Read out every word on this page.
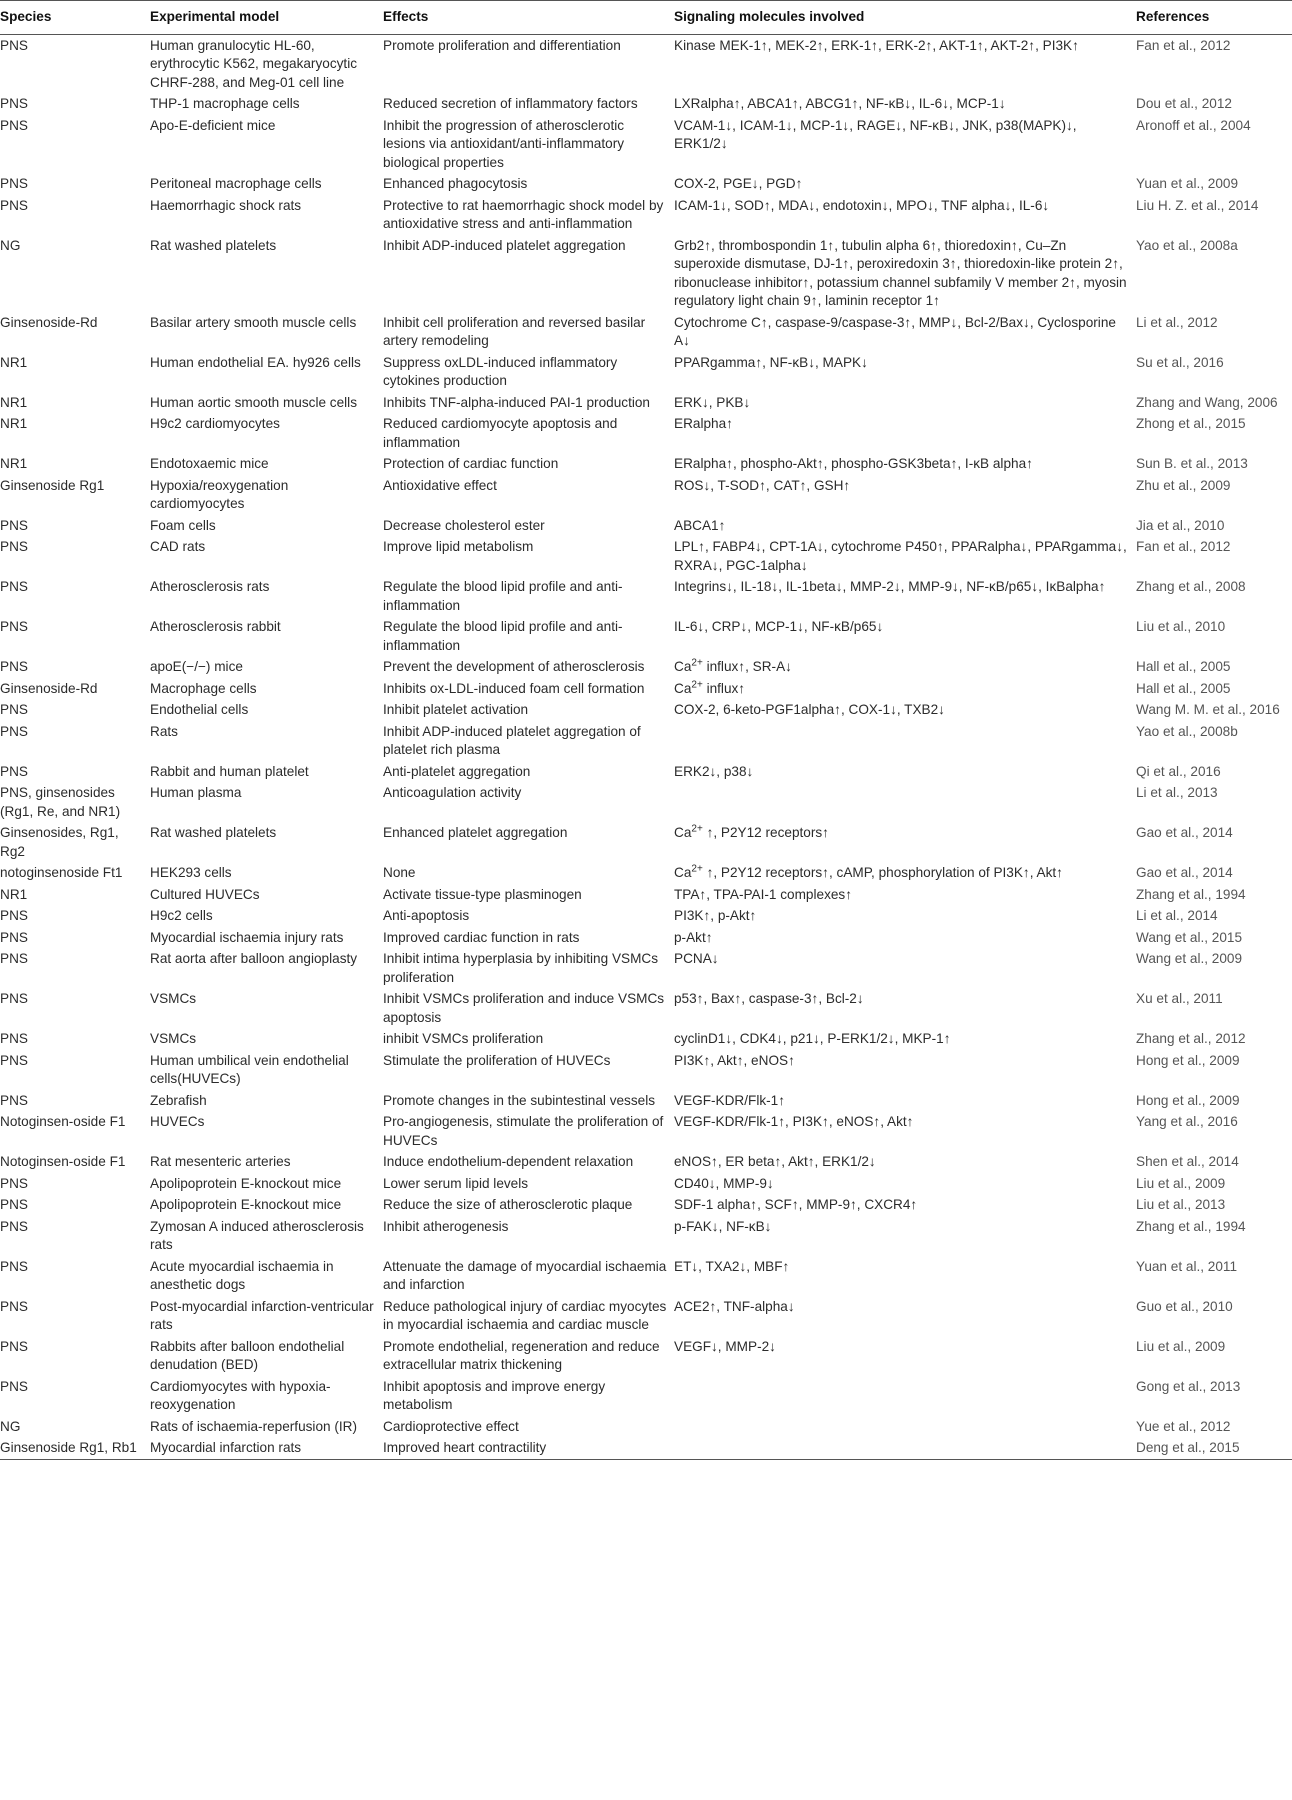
Species	Experimental model	Effects	Signaling molecules involved	References
PNS	Human granulocytic HL-60, erythrocytic K562, megakaryocytic CHRF-288, and Meg-01 cell line	Promote proliferation and differentiation	Kinase MEK-1↑, MEK-2↑, ERK-1↑, ERK-2↑, AKT-1↑, AKT-2↑, PI3K↑	Fan et al., 2012
PNS	THP-1 macrophage cells	Reduced secretion of inflammatory factors	LXRalpha↑, ABCA1↑, ABCG1↑, NF-κB↓, IL-6↓, MCP-1↓	Dou et al., 2012
PNS	Apo-E-deficient mice	Inhibit the progression of atherosclerotic lesions via antioxidant/anti-inflammatory biological properties	VCAM-1↓, ICAM-1↓, MCP-1↓, RAGE↓, NF-κB↓, JNK, p38(MAPK)↓, ERK1/2↓	Aronoff et al., 2004
PNS	Peritoneal macrophage cells	Enhanced phagocytosis	COX-2, PGE↓, PGD↑	Yuan et al., 2009
PNS	Haemorrhagic shock rats	Protective to rat haemorrhagic shock model by antioxidative stress and anti-inflammation	ICAM-1↓, SOD↑, MDA↓, endotoxin↓, MPO↓, TNF alpha↓, IL-6↓	Liu H. Z. et al., 2014
NG	Rat washed platelets	Inhibit ADP-induced platelet aggregation	Grb2↑, thrombospondin 1↑, tubulin alpha 6↑, thioredoxin↑, Cu–Zn superoxide dismutase, DJ-1↑, peroxiredoxin 3↑, thioredoxin-like protein 2↑, ribonuclease inhibitor↑, potassium channel subfamily V member 2↑, myosin regulatory light chain 9↑, laminin receptor 1↑	Yao et al., 2008a
Ginsenoside-Rd	Basilar artery smooth muscle cells	Inhibit cell proliferation and reversed basilar artery remodeling	Cytochrome C↑, caspase-9/caspase-3↑, MMP↓, Bcl-2/Bax↓, Cyclosporine A↓	Li et al., 2012
NR1	Human endothelial EA. hy926 cells	Suppress oxLDL-induced inflammatory cytokines production	PPARgamma↑, NF-κB↓, MAPK↓	Su et al., 2016
NR1	Human aortic smooth muscle cells	Inhibits TNF-alpha-induced PAI-1 production	ERK↓, PKB↓	Zhang and Wang, 2006
NR1	H9c2 cardiomyocytes	Reduced cardiomyocyte apoptosis and inflammation	ERalpha↑	Zhong et al., 2015
NR1	Endotoxaemic mice	Protection of cardiac function	ERalpha↑, phospho-Akt↑, phospho-GSK3beta↑, I-κB alpha↑	Sun B. et al., 2013
Ginsenoside Rg1	Hypoxia/reoxygenation cardiomyocytes	Antioxidative effect	ROS↓, T-SOD↑, CAT↑, GSH↑	Zhu et al., 2009
PNS	Foam cells	Decrease cholesterol ester	ABCA1↑	Jia et al., 2010
PNS	CAD rats	Improve lipid metabolism	LPL↑, FABP4↓, CPT-1A↓, cytochrome P450↑, PPARalpha↓, PPARgamma↓, RXRA↓, PGC-1alpha↓	Fan et al., 2012
PNS	Atherosclerosis rats	Regulate the blood lipid profile and anti-inflammation	Integrins↓, IL-18↓, IL-1beta↓, MMP-2↓, MMP-9↓, NF-κB/p65↓, IκBalpha↑	Zhang et al., 2008
PNS	Atherosclerosis rabbit	Regulate the blood lipid profile and anti-inflammation	IL-6↓, CRP↓, MCP-1↓, NF-κB/p65↓	Liu et al., 2010
PNS	apoE(−/−) mice	Prevent the development of atherosclerosis	$Ca^{2+}$ influx↑, SR-A↓	Hall et al., 2005
Ginsenoside-Rd	Macrophage cells	Inhibits ox-LDL-induced foam cell formation	$Ca^{2+}$ influx↑	Hall et al., 2005
PNS	Endothelial cells	Inhibit platelet activation	COX-2, 6-keto-PGF1alpha↑, COX-1↓, TXB2↓	Wang M. M. et al., 2016
PNS	Rats	Inhibit ADP-induced platelet aggregation of platelet rich plasma		Yao et al., 2008b
PNS	Rabbit and human platelet	Anti-platelet aggregation	ERK2↓, p38↓	Qi et al., 2016
PNS, ginsenosides (Rg1, Re, and NR1)	Human plasma	Anticoagulation activity		Li et al., 2013
Ginsenosides, Rg1, Rg2	Rat washed platelets	Enhanced platelet aggregation	$Ca^{2+}$ ↑, P2Y12 receptors↑	Gao et al., 2014
notoginsenoside Ft1	HEK293 cells	None	$Ca^{2+}$ ↑, P2Y12 receptors↑, cAMP, phosphorylation of PI3K↑, Akt↑	Gao et al., 2014
NR1	Cultured HUVECs	Activate tissue-type plasminogen	TPA↑, TPA-PAI-1 complexes↑	Zhang et al., 1994
PNS	H9c2 cells	Anti-apoptosis	PI3K↑, p-Akt↑	Li et al., 2014
PNS	Myocardial ischaemia injury rats	Improved cardiac function in rats	p-Akt↑	Wang et al., 2015
PNS	Rat aorta after balloon angioplasty	Inhibit intima hyperplasia by inhibiting VSMCs proliferation	PCNA↓	Wang et al., 2009
PNS	VSMCs	Inhibit VSMCs proliferation and induce VSMCs apoptosis	p53↑, Bax↑, caspase-3↑, Bcl-2↓	Xu et al., 2011
PNS	VSMCs	inhibit VSMCs proliferation	cyclinD1↓, CDK4↓, p21↓, P-ERK1/2↓, MKP-1↑	Zhang et al., 2012
PNS	Human umbilical vein endothelial cells(HUVECs)	Stimulate the proliferation of HUVECs	PI3K↑, Akt↑, eNOS↑	Hong et al., 2009
PNS	Zebrafish	Promote changes in the subintestinal vessels	VEGF-KDR/Flk-1↑	Hong et al., 2009
Notoginsen-oside F1	HUVECs	Pro-angiogenesis, stimulate the proliferation of HUVECs	VEGF-KDR/Flk-1↑, PI3K↑, eNOS↑, Akt↑	Yang et al., 2016
Notoginsen-oside F1	Rat mesenteric arteries	Induce endothelium-dependent relaxation	eNOS↑, ER beta↑, Akt↑, ERK1/2↓	Shen et al., 2014
PNS	Apolipoprotein E-knockout mice	Lower serum lipid levels	CD40↓, MMP-9↓	Liu et al., 2009
PNS	Apolipoprotein E-knockout mice	Reduce the size of atherosclerotic plaque	SDF-1 alpha↑, SCF↑, MMP-9↑, CXCR4↑	Liu et al., 2013
PNS	Zymosan A induced atherosclerosis rats	Inhibit atherogenesis	p-FAK↓, NF-κB↓	Zhang et al., 1994
PNS	Acute myocardial ischaemia in anesthetic dogs	Attenuate the damage of myocardial ischaemia and infarction	ET↓, TXA2↓, MBF↑	Yuan et al., 2011
PNS	Post-myocardial infarction-ventricular rats	Reduce pathological injury of cardiac myocytes in myocardial ischaemia and cardiac muscle	ACE2↑, TNF-alpha↓	Guo et al., 2010
PNS	Rabbits after balloon endothelial denudation (BED)	Promote endothelial, regeneration and reduce extracellular matrix thickening	VEGF↓, MMP-2↓	Liu et al., 2009
PNS	Cardiomyocytes with hypoxia-reoxygenation	Inhibit apoptosis and improve energy metabolism		Gong et al., 2013
NG	Rats of ischaemia-reperfusion (IR)	Cardioprotective effect		Yue et al., 2012
Ginsenoside Rg1, Rb1	Myocardial infarction rats	Improved heart contractility		Deng et al., 2015
